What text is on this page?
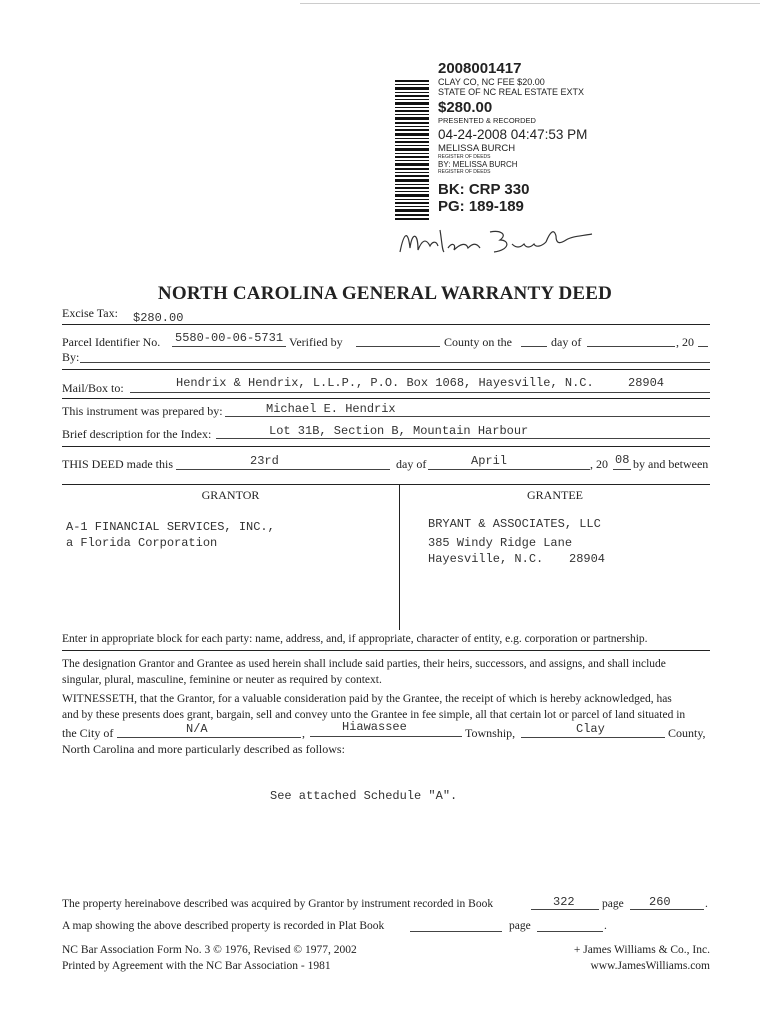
2008001417
CLAY CO, NC FEE $20.00
STATE OF NC REAL ESTATE EXTX
$280.00
PRESENTED & RECORDED
04-24-2008 04:47:53 PM
MELISSA BURCH
REGISTER OF DEEDS
BY: MELISSA BURCH
REGISTER OF DEEDS
BK: CRP 330
PG: 189-189
NORTH CAROLINA GENERAL WARRANTY DEED
Excise Tax: $280.00
Parcel Identifier No. 5580-00-06-5731 Verified by	County on the	day of	, 20
By:
Mail/Box to:	Hendrix & Hendrix, L.L.P., P.O. Box 1068, Hayesville, N.C.	28904
This instrument was prepared by:	Michael E. Hendrix
Brief description for the Index:	Lot 31B, Section B, Mountain Harbour
THIS DEED made this	23rd	day of	April	, 20 08 by and between
GRANTOR	GRANTEE
A-1 FINANCIAL SERVICES, INC.,
a Florida Corporation
BRYANT & ASSOCIATES, LLC
385 Windy Ridge Lane
Hayesville, N.C. 28904
Enter in appropriate block for each party: name, address, and, if appropriate, character of entity, e.g. corporation or partnership.
The designation Grantor and Grantee as used herein shall include said parties, their heirs, successors, and assigns, and shall include
singular, plural, masculine, feminine or neuter as required by context.
WITNESSETH, that the Grantor, for a valuable consideration paid by the Grantee, the receipt of which is hereby acknowledged, has
and by these presents does grant, bargain, sell and convey unto the Grantee in fee simple, all that certain lot or parcel of land situated in
the City of	N/A	,	Hiawassee	Township,	Clay	County,
North Carolina and more particularly described as follows:
See attached Schedule "A".
The property hereinabove described was acquired by Grantor by instrument recorded in Book	322 page 260	.
A map showing the above described property is recorded in Plat Book	page	.
NC Bar Association Form No. 3 © 1976, Revised © 1977, 2002
Printed by Agreement with the NC Bar Association - 1981
+ James Williams & Co., Inc.
www.JamesWilliams.com
